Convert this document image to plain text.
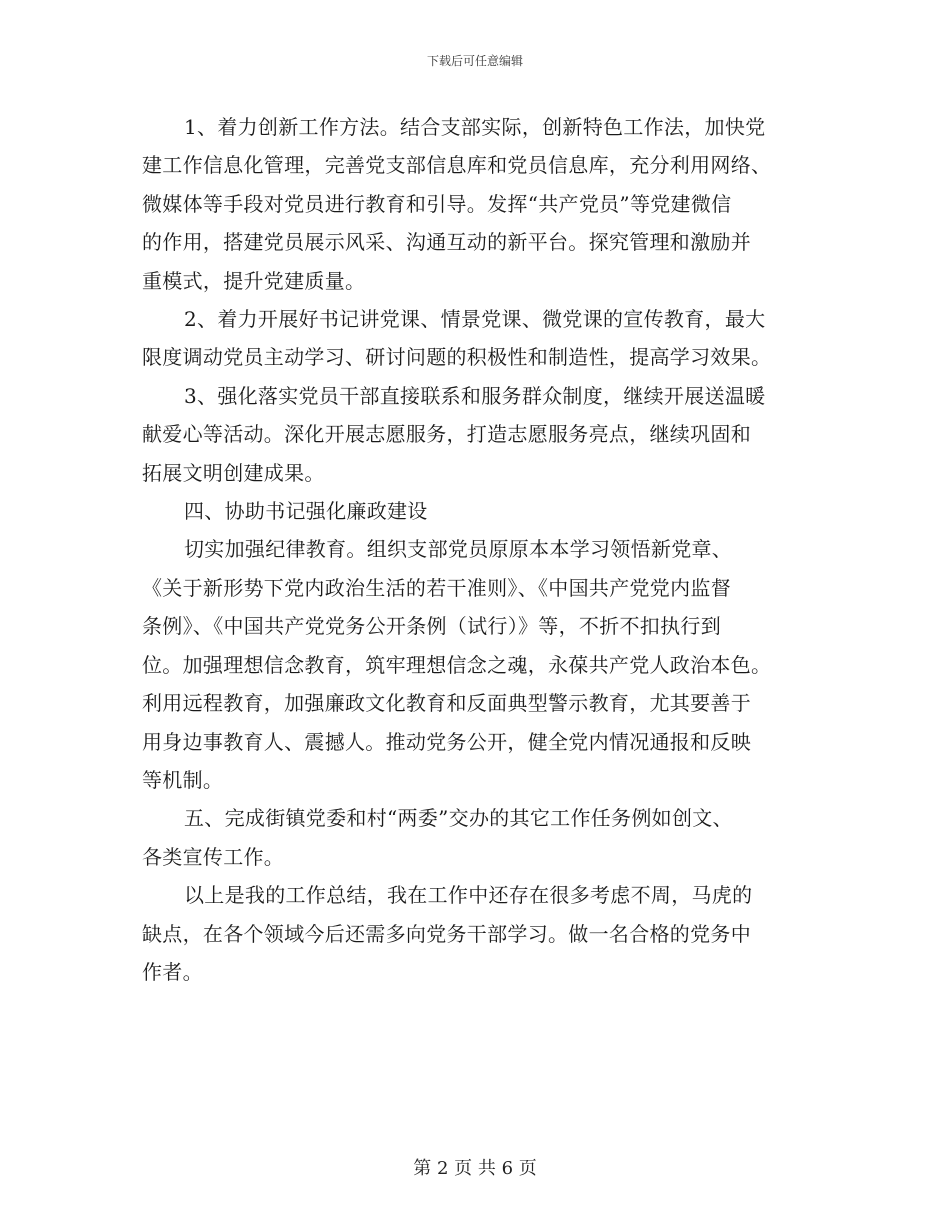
下载后可任意编辑
1、着力创新工作方法。结合支部实际，创新特色工作法，加快党
建工作信息化管理，完善党支部信息库和党员信息库，充分利用网络、
微媒体等手段对党员进行教育和引导。发挥“共产党员”等党建微信
的作用，搭建党员展示风采、沟通互动的新平台。探究管理和激励并
重模式，提升党建质量。
2、着力开展好书记讲党课、情景党课、微党课的宣传教育，最大
限度调动党员主动学习、研讨问题的积极性和制造性，提高学习效果。
3、强化落实党员干部直接联系和服务群众制度，继续开展送温暖
献爱心等活动。深化开展志愿服务，打造志愿服务亮点，继续巩固和
拓展文明创建成果。
四、协助书记强化廉政建设
切实加强纪律教育。组织支部党员原原本本学习领悟新党章、
《关于新形势下党内政治生活的若干准则》、《中国共产党党内监督
条例》、《中国共产党党务公开条例（试行）》等，不折不扣执行到
位。加强理想信念教育，筑牢理想信念之魂，永葆共产党人政治本色。
利用远程教育，加强廉政文化教育和反面典型警示教育，尤其要善于
用身边事教育人、震撼人。推动党务公开，健全党内情况通报和反映
等机制。
五、完成街镇党委和村“两委”交办的其它工作任务例如创文、
各类宣传工作。
以上是我的工作总结，我在工作中还存在很多考虑不周，马虎的
缺点，在各个领域今后还需多向党务干部学习。做一名合格的党务中
作者。
第 2 页 共 6 页
